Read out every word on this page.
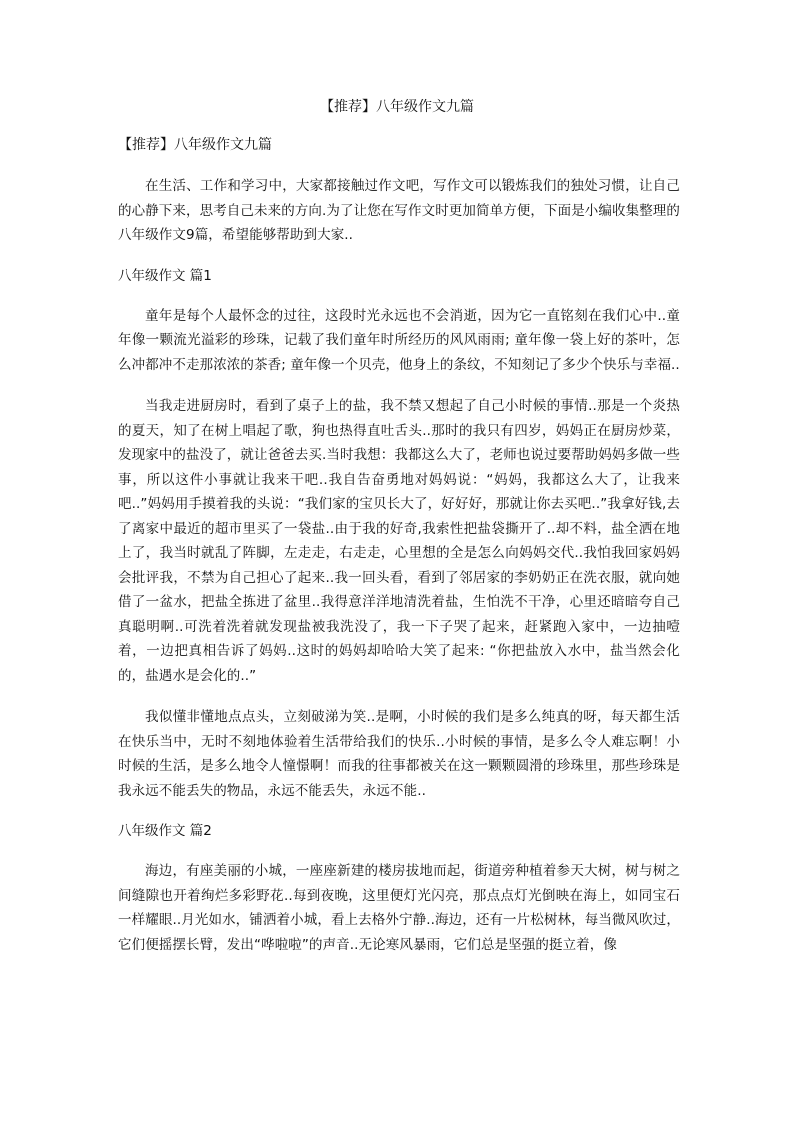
【推荐】八年级作文九篇
【推荐】八年级作文九篇

在生活、工作和学习中，大家都接触过作文吧，写作文可以锻炼我们的独处习惯，让自己的心静下来，思考自己未来的方向.为了让您在写作文时更加简单方便，下面是小编收集整理的八年级作文9篇，希望能够帮助到大家..

八年级作文 篇1

童年是每个人最怀念的过往，这段时光永远也不会消逝，因为它一直铭刻在我们心中..童年像一颗流光溢彩的珍珠，记载了我们童年时所经历的风风雨雨; 童年像一袋上好的茶叶，怎么冲都冲不走那浓浓的茶香; 童年像一个贝壳，他身上的条纹，不知刻记了多少个快乐与幸福..

当我走进厨房时，看到了桌子上的盐，我不禁又想起了自己小时候的事情..那是一个炎热的夏天，知了在树上唱起了歌，狗也热得直吐舌头..那时的我只有四岁，妈妈正在厨房炒菜，发现家中的盐没了，就让爸爸去买.当时我想：我都这么大了，老师也说过要帮助妈妈多做一些事，所以这件小事就让我来干吧..我自告奋勇地对妈妈说：“妈妈，我都这么大了，让我来吧..”妈妈用手摸着我的头说：“我们家的宝贝长大了，好好好，那就让你去买吧..”我拿好钱,去了离家中最近的超市里买了一袋盐..由于我的好奇,我索性把盐袋撕开了..却不料，盐全洒在地上了，我当时就乱了阵脚，左走走，右走走，心里想的全是怎么向妈妈交代..我怕我回家妈妈会批评我，不禁为自己担心了起来..我一回头看，看到了邻居家的李奶奶正在洗衣服，就向她借了一盆水，把盐全拣进了盆里..我得意洋洋地清洗着盐，生怕洗不干净，心里还暗暗夸自己真聪明啊..可洗着洗着就发现盐被我洗没了，我一下子哭了起来，赶紧跑入家中，一边抽噎着，一边把真相告诉了妈妈..这时的妈妈却哈哈大笑了起来: “你把盐放入水中，盐当然会化的，盐遇水是会化的..”

我似懂非懂地点点头，立刻破涕为笑..是啊，小时候的我们是多么纯真的呀，每天都生活在快乐当中，无时不刻地体验着生活带给我们的快乐..小时候的事情，是多么令人难忘啊！小时候的生活，是多么地令人憧憬啊！而我的往事都被关在这一颗颗圆滑的珍珠里，那些珍珠是我永远不能丢失的物品，永远不能丢失，永远不能..

八年级作文 篇2

海边，有座美丽的小城，一座座新建的楼房拔地而起，街道旁种植着参天大树，树与树之间缝隙也开着绚烂多彩野花..每到夜晚，这里便灯光闪亮，那点点灯光倒映在海上，如同宝石一样耀眼..月光如水，铺洒着小城，看上去格外宁静..海边，还有一片松树林，每当微风吹过，它们便摇摆长臂，发出“哗啦啦”的声音..无论寒风暴雨，它们总是坚强的挺立着，像
